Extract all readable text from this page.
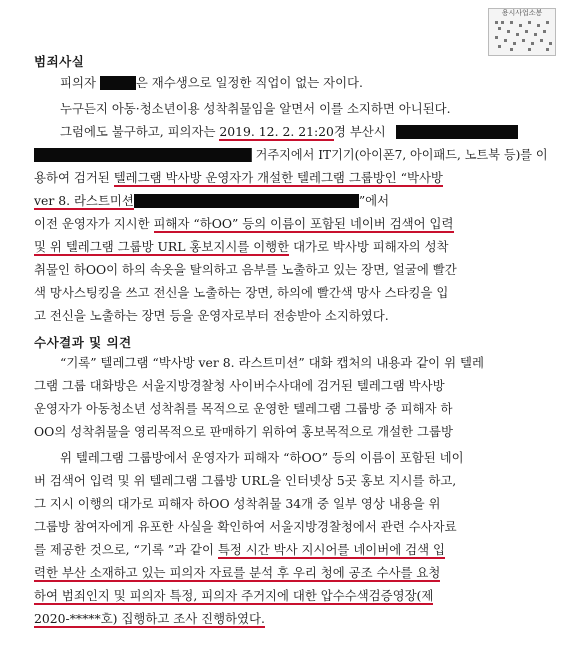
용시사업소봉
범죄사실
피의자	은 재수생으로 일정한 직업이 없는 자이다.
누구든지 아동·청소년이용 성착취물임을 알면서 이를 소지하면 아니된다.
그럼에도 불구하고, 피의자는 2019. 12. 2. 21:20경 부산시
거주지에서 IT기기(아이폰7, 아이패드, 노트북 등)를 이
용하여 검거된 텔레그램 박사방 운영자가 개설한 텔레그램 그룹방인 “박사방
ver 8. 라스트미션	”에서
이전 운영자가 지시한 피해자 “하OO” 등의 이름이 포함된 네이버 검색어 입력
및 위 텔레그램 그룹방 URL 홍보지시를 이행한 대가로 박사방 피해자의 성착
취물인 하OO이 하의 속옷을 탈의하고 음부를 노출하고 있는 장면, 얼굴에 빨간
색 망사스팅킹을 쓰고 전신을 노출하는 장면, 하의에 빨간색 망사 스타킹을 입
고 전신을 노출하는 장면 등을 운영자로부터 전송받아 소지하였다.
수사결과 및 의견
“기록” 텔레그램 “박사방 ver 8. 라스트미션” 대화 캡처의 내용과 같이 위 텔레
그램 그룹 대화방은 서울지방경찰청 사이버수사대에 검거된 텔레그램 박사방
운영자가 아동청소년 성착취를 목적으로 운영한 텔레그램 그룹방 중 피해자 하
OO의 성착취물을 영리목적으로 판매하기 위하여 홍보목적으로 개설한 그룹방
위 텔레그램 그룹방에서 운영자가 피해자 “하OO” 등의 이름이 포함된 네이
버 검색어 입력 및 위 텔레그램 그룹방 URL을 인터넷상 5곳 홍보 지시를 하고,
그 지시 이행의 대가로 피해자 하OO 성착취물 34개 중 일부 영상 내용을 위
그룹방 참여자에게 유포한 사실을 확인하여 서울지방경찰청에서 관련 수사자료
를 제공한 것으로, “기록 ”과 같이 특정 시간 박사 지시어를 네이버에 검색 입
력한 부산 소재하고 있는 피의자 자료를 분석 후 우리 청에 공조 수사를 요청
하여 범죄인지 및 피의자 특정, 피의자 주거지에 대한 압수수색검증영장(제
2020-*****호) 집행하고 조사 진행하였다.
